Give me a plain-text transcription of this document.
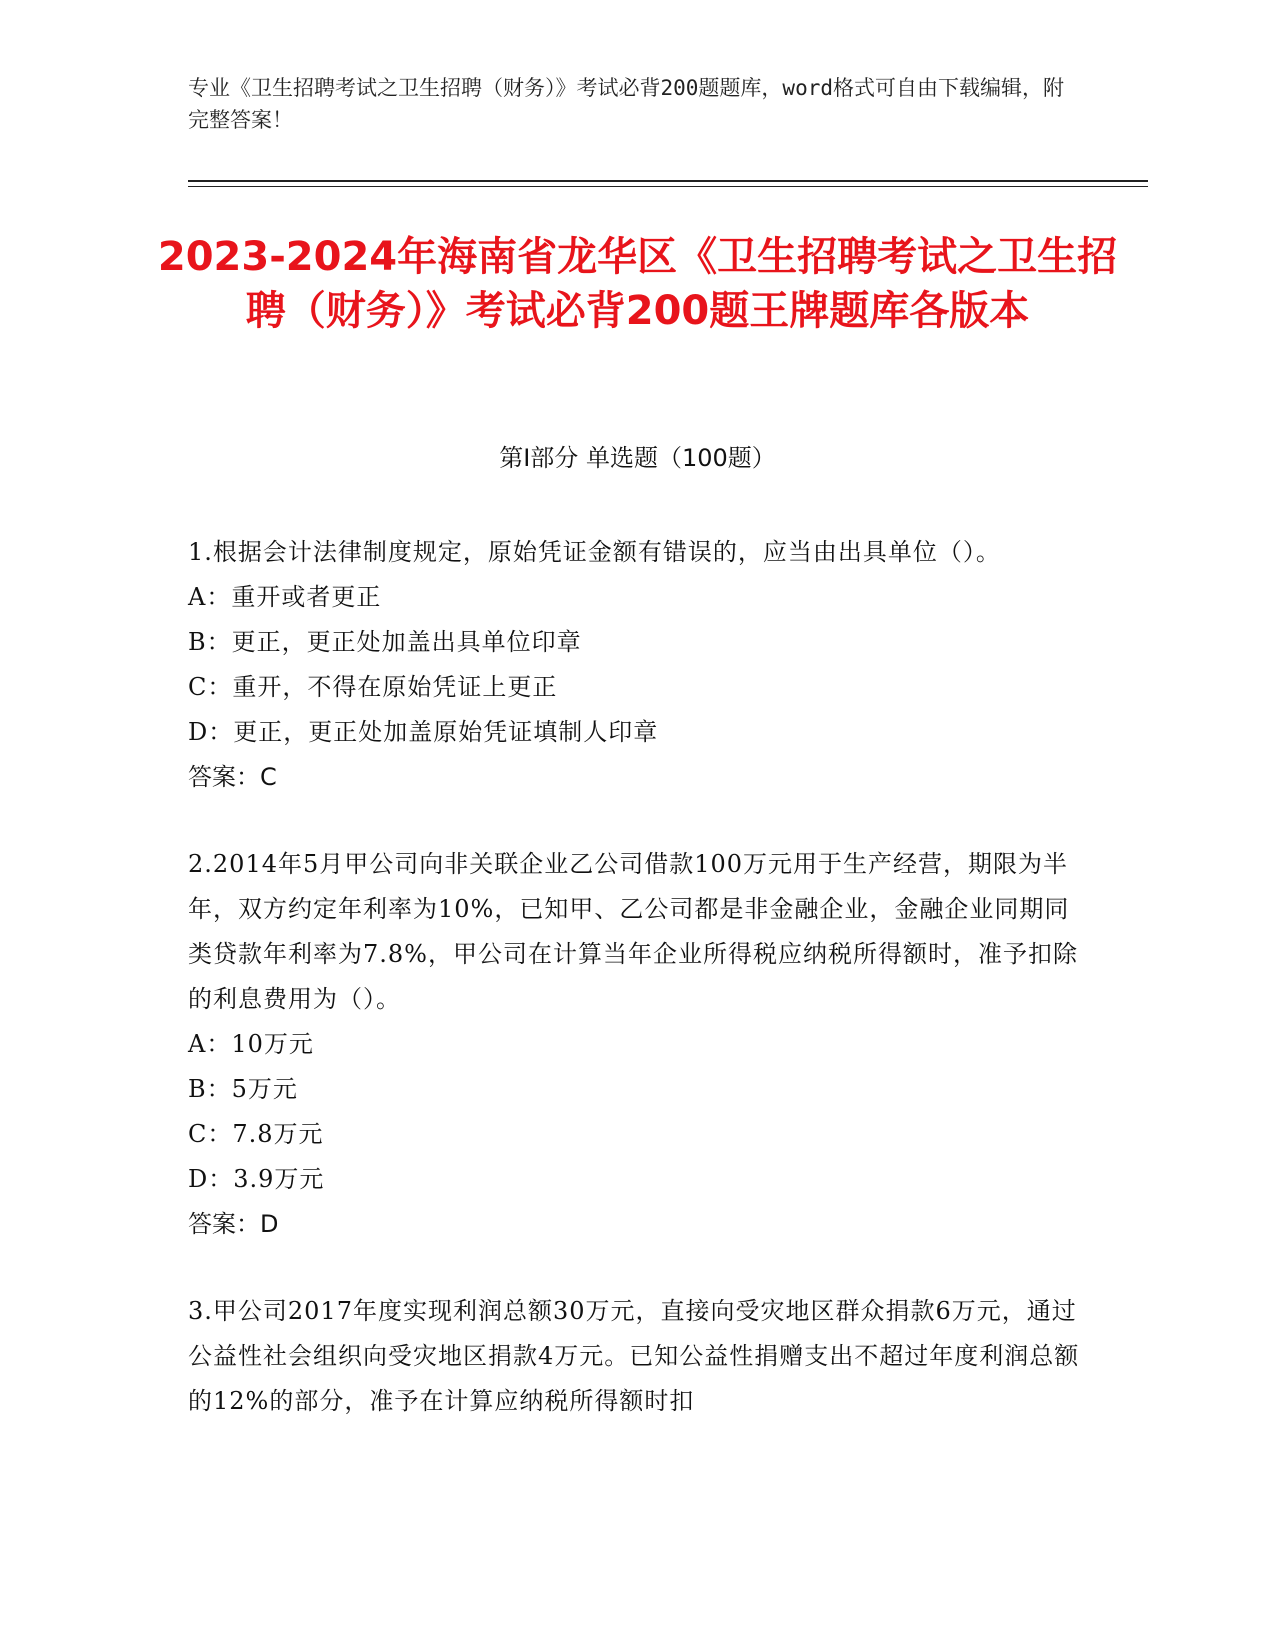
专业《卫生招聘考试之卫生招聘（财务）》考试必背200题题库，word格式可自由下载编辑，附完整答案！
2023-2024年海南省龙华区《卫生招聘考试之卫生招聘（财务）》考试必背200题王牌题库各版本
第Ⅰ部分 单选题（100题）
1.根据会计法律制度规定，原始凭证金额有错误的，应当由出具单位（）。
A：重开或者更正
B：更正，更正处加盖出具单位印章
C：重开，不得在原始凭证上更正
D：更正，更正处加盖原始凭证填制人印章
答案：C
2.2014年5月甲公司向非关联企业乙公司借款100万元用于生产经营，期限为半年，双方约定年利率为10%，已知甲、乙公司都是非金融企业，金融企业同期同类贷款年利率为7.8%，甲公司在计算当年企业所得税应纳税所得额时，准予扣除的利息费用为（）。
A：10万元
B：5万元
C：7.8万元
D：3.9万元
答案：D
3.甲公司2017年度实现利润总额30万元，直接向受灾地区群众捐款6万元，通过公益性社会组织向受灾地区捐款4万元。已知公益性捐赠支出不超过年度利润总额的12%的部分，准予在计算应纳税所得额时扣
